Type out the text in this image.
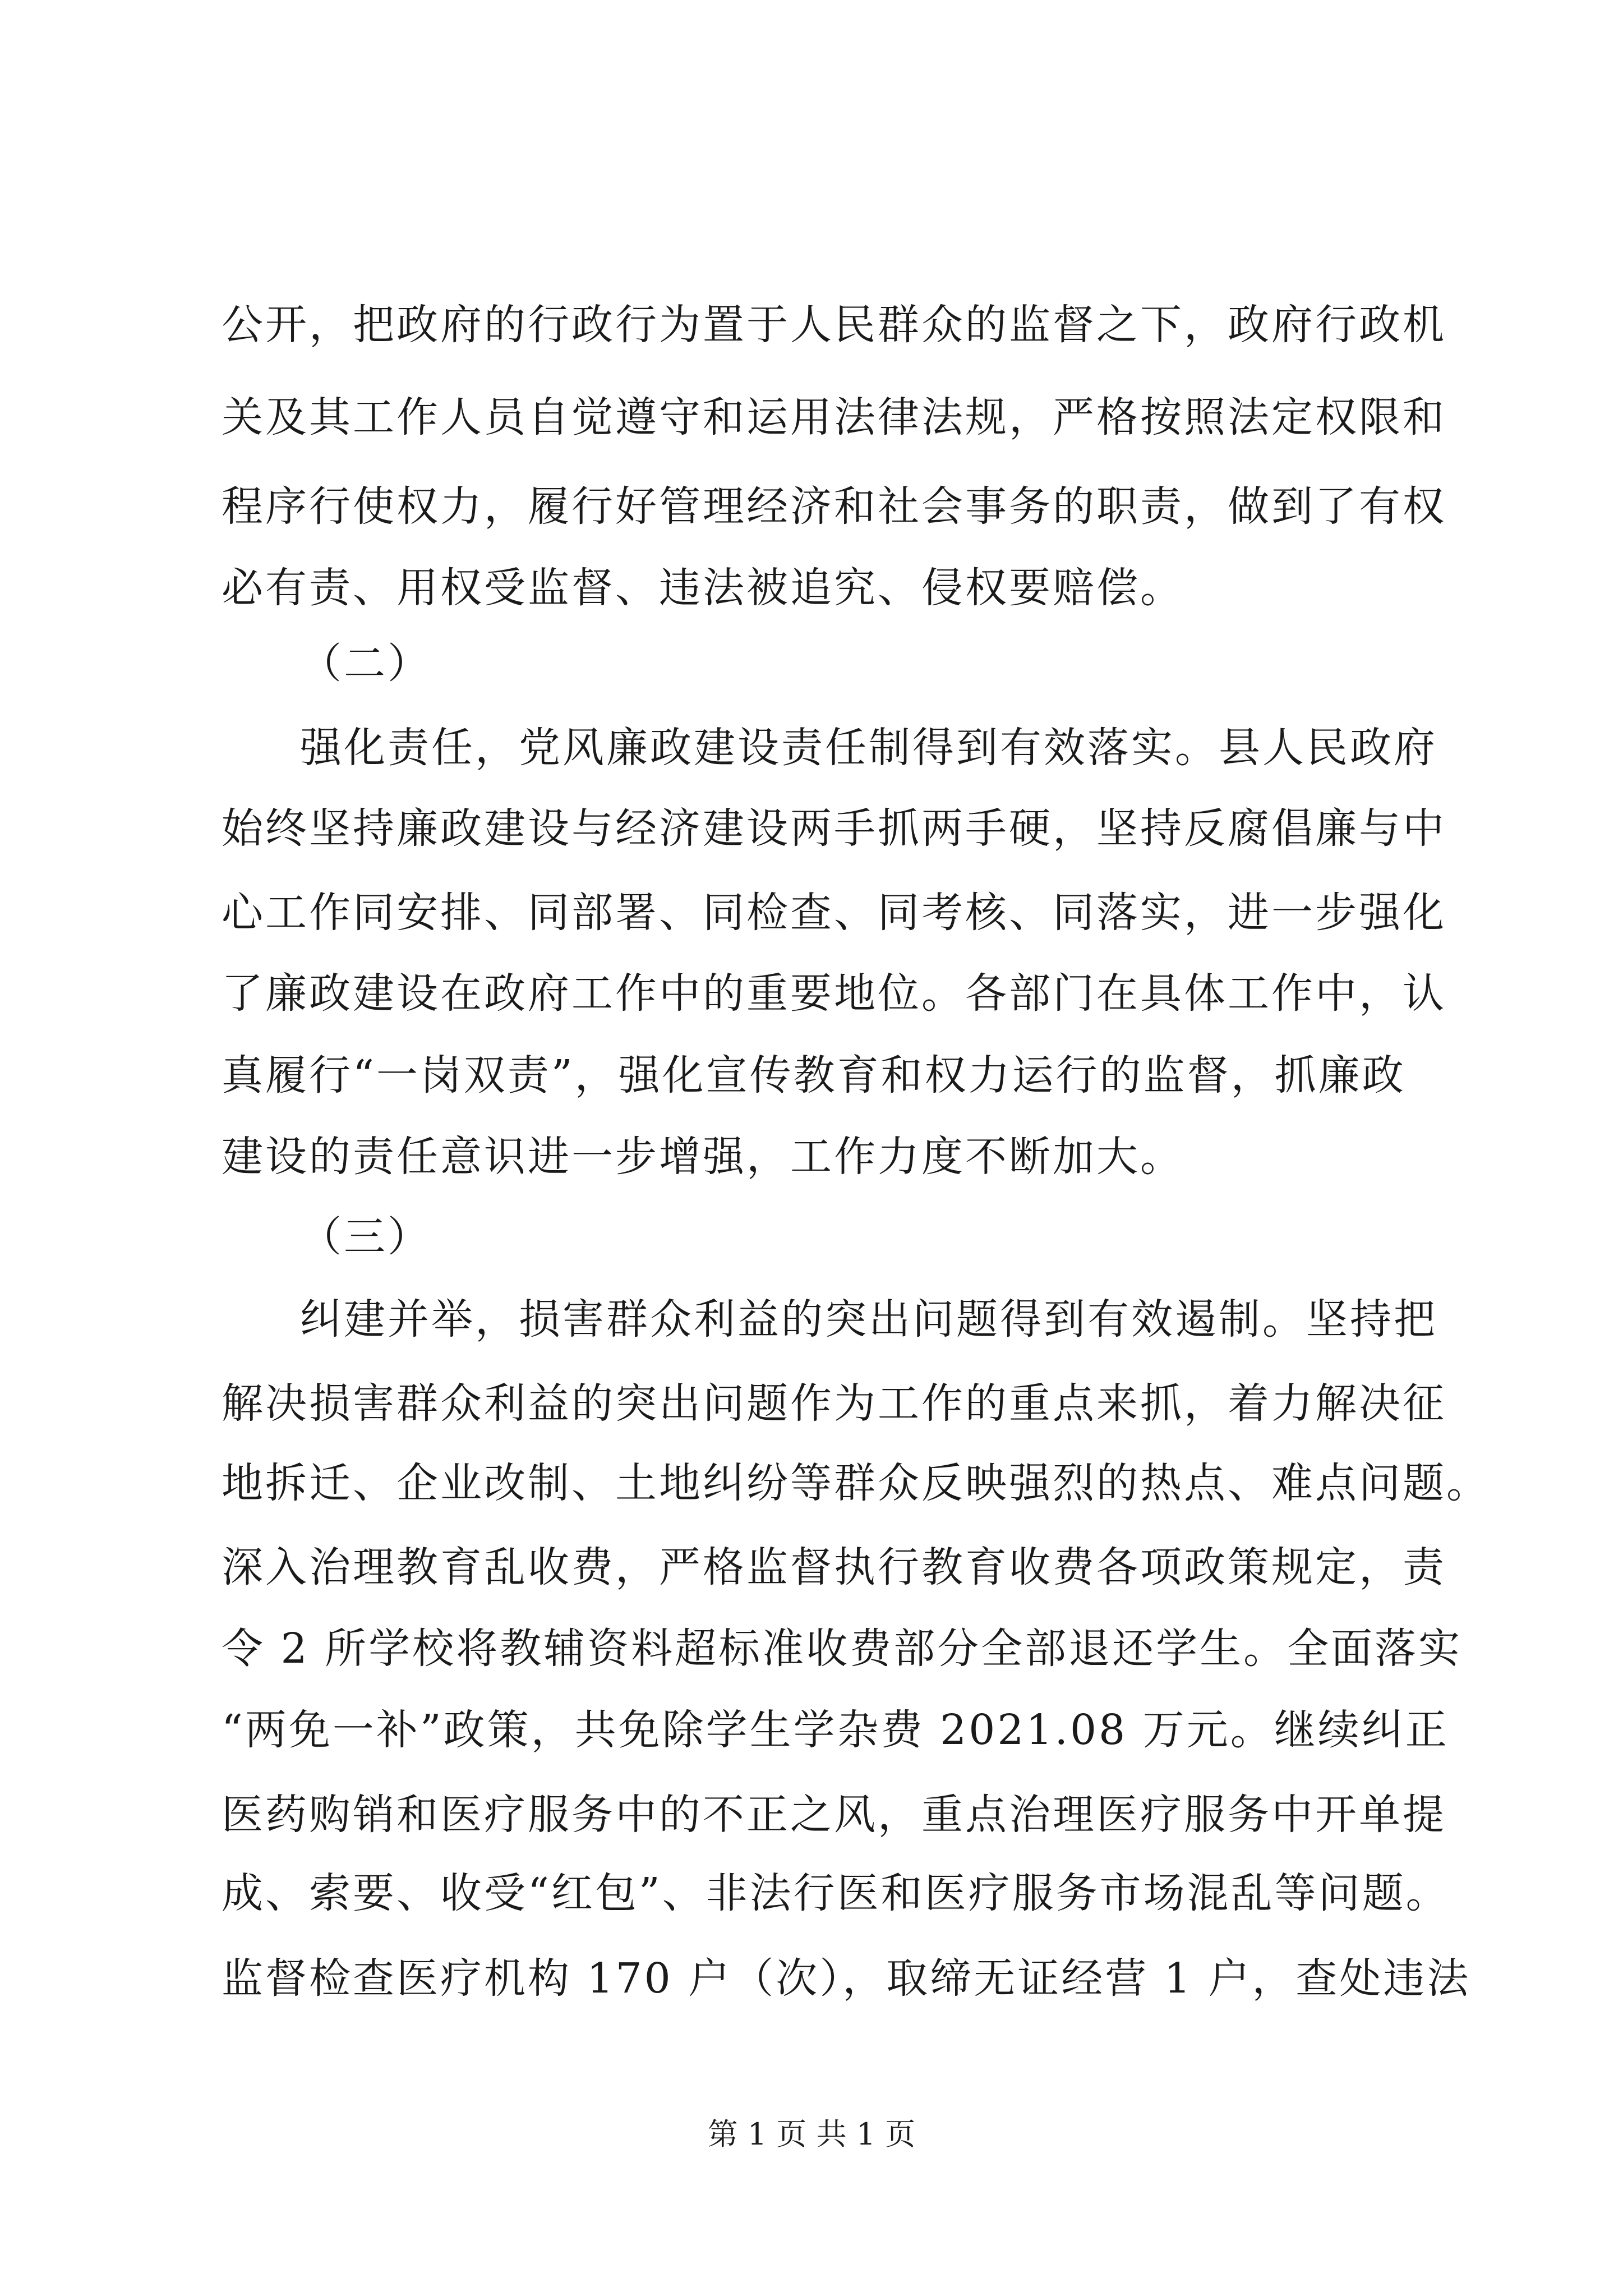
公开，把政府的行政行为置于人民群众的监督之下，政府行政机
关及其工作人员自觉遵守和运用法律法规，严格按照法定权限和
程序行使权力，履行好管理经济和社会事务的职责，做到了有权
必有责、用权受监督、违法被追究、侵权要赔偿。
（二）
强化责任，党风廉政建设责任制得到有效落实。县人民政府
始终坚持廉政建设与经济建设两手抓两手硬，坚持反腐倡廉与中
心工作同安排、同部署、同检查、同考核、同落实，进一步强化
了廉政建设在政府工作中的重要地位。各部门在具体工作中，认
真履行“一岗双责”，强化宣传教育和权力运行的监督，抓廉政
建设的责任意识进一步增强，工作力度不断加大。
（三）
纠建并举，损害群众利益的突出问题得到有效遏制。坚持把
解决损害群众利益的突出问题作为工作的重点来抓，着力解决征
地拆迁、企业改制、土地纠纷等群众反映强烈的热点、难点问题。
深入治理教育乱收费，严格监督执行教育收费各项政策规定，责
令 2 所学校将教辅资料超标准收费部分全部退还学生。全面落实
“两免一补”政策，共免除学生学杂费 2021.08 万元。继续纠正
医药购销和医疗服务中的不正之风，重点治理医疗服务中开单提
成、索要、收受“红包”、非法行医和医疗服务市场混乱等问题。
监督检查医疗机构 170 户（次），取缔无证经营 1 户，查处违法
第 1 页 共 1 页
